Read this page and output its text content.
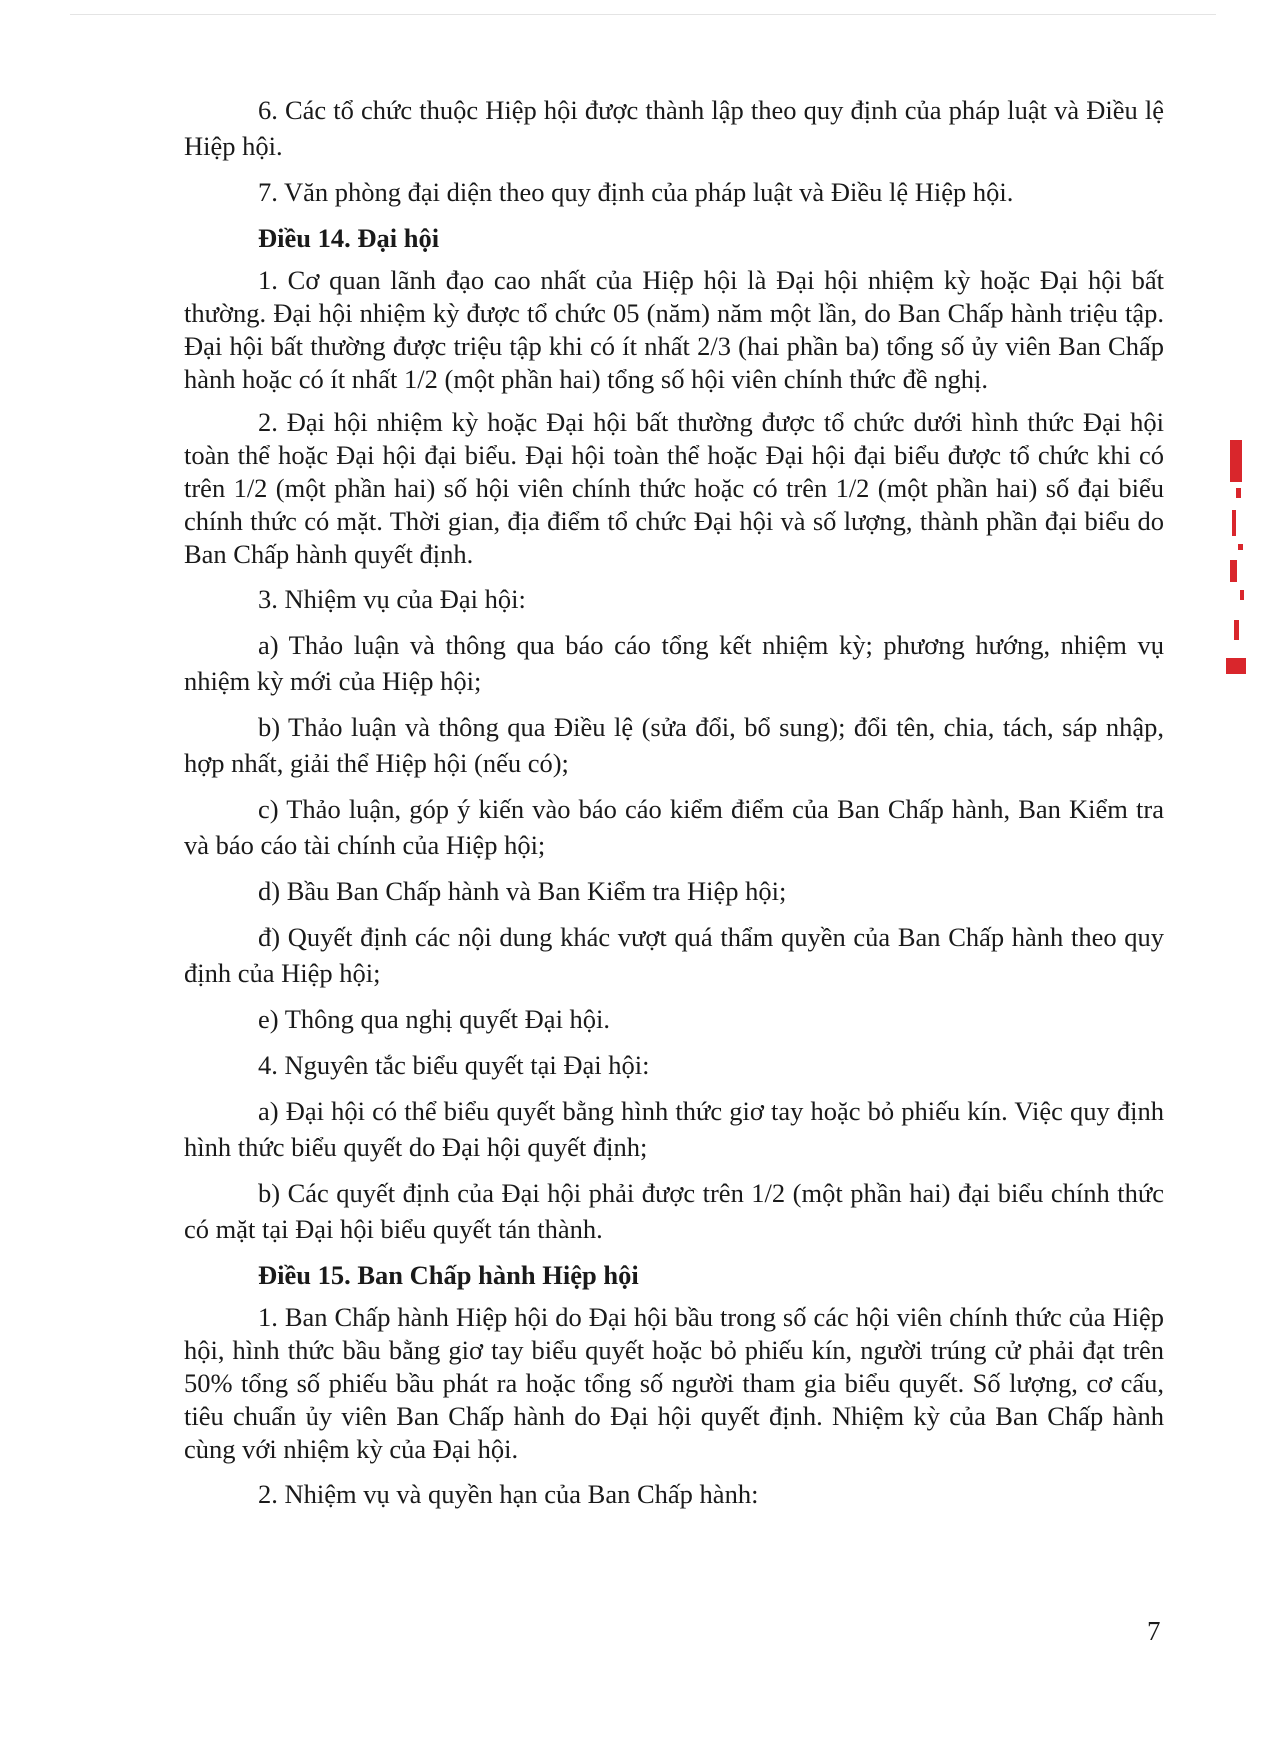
6. Các tổ chức thuộc Hiệp hội được thành lập theo quy định của pháp luật và Điều lệ Hiệp hội.

7. Văn phòng đại diện theo quy định của pháp luật và Điều lệ Hiệp hội.

Điều 14. Đại hội

1. Cơ quan lãnh đạo cao nhất của Hiệp hội là Đại hội nhiệm kỳ hoặc Đại hội bất thường. Đại hội nhiệm kỳ được tổ chức 05 (năm) năm một lần, do Ban Chấp hành triệu tập. Đại hội bất thường được triệu tập khi có ít nhất 2/3 (hai phần ba) tổng số ủy viên Ban Chấp hành hoặc có ít nhất 1/2 (một phần hai) tổng số hội viên chính thức đề nghị.

2. Đại hội nhiệm kỳ hoặc Đại hội bất thường được tổ chức dưới hình thức Đại hội toàn thể hoặc Đại hội đại biểu. Đại hội toàn thể hoặc Đại hội đại biểu được tổ chức khi có trên 1/2 (một phần hai) số hội viên chính thức hoặc có trên 1/2 (một phần hai) số đại biểu chính thức có mặt. Thời gian, địa điểm tổ chức Đại hội và số lượng, thành phần đại biểu do Ban Chấp hành quyết định.

3. Nhiệm vụ của Đại hội:

a) Thảo luận và thông qua báo cáo tổng kết nhiệm kỳ; phương hướng, nhiệm vụ nhiệm kỳ mới của Hiệp hội;

b) Thảo luận và thông qua Điều lệ (sửa đổi, bổ sung); đổi tên, chia, tách, sáp nhập, hợp nhất, giải thể Hiệp hội (nếu có);

c) Thảo luận, góp ý kiến vào báo cáo kiểm điểm của Ban Chấp hành, Ban Kiểm tra và báo cáo tài chính của Hiệp hội;

d) Bầu Ban Chấp hành và Ban Kiểm tra Hiệp hội;

đ) Quyết định các nội dung khác vượt quá thẩm quyền của Ban Chấp hành theo quy định của Hiệp hội;

e) Thông qua nghị quyết Đại hội.

4. Nguyên tắc biểu quyết tại Đại hội:

a) Đại hội có thể biểu quyết bằng hình thức giơ tay hoặc bỏ phiếu kín. Việc quy định hình thức biểu quyết do Đại hội quyết định;

b) Các quyết định của Đại hội phải được trên 1/2 (một phần hai) đại biểu chính thức có mặt tại Đại hội biểu quyết tán thành.

Điều 15. Ban Chấp hành Hiệp hội

1. Ban Chấp hành Hiệp hội do Đại hội bầu trong số các hội viên chính thức của Hiệp hội, hình thức bầu bằng giơ tay biểu quyết hoặc bỏ phiếu kín, người trúng cử phải đạt trên 50% tổng số phiếu bầu phát ra hoặc tổng số người tham gia biểu quyết. Số lượng, cơ cấu, tiêu chuẩn ủy viên Ban Chấp hành do Đại hội quyết định. Nhiệm kỳ của Ban Chấp hành cùng với nhiệm kỳ của Đại hội.

2. Nhiệm vụ và quyền hạn của Ban Chấp hành:

7
